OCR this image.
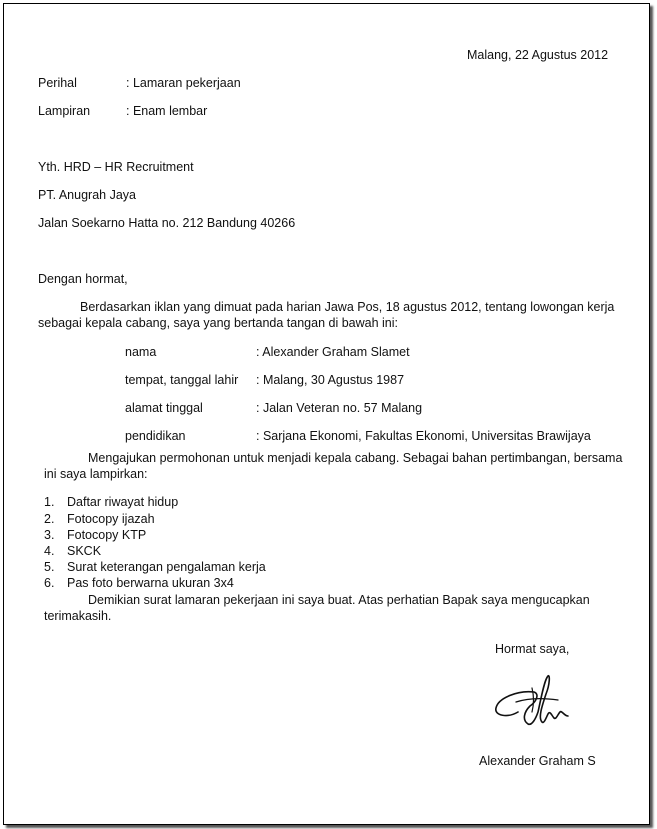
Malang, 22 Agustus 2012
Perihal	: Lamaran pekerjaan
Lampiran	: Enam lembar
Yth. HRD – HR Recruitment
PT. Anugrah Jaya
Jalan Soekarno Hatta no. 212 Bandung 40266
Dengan hormat,
Berdasarkan iklan yang dimuat pada harian Jawa Pos, 18 agustus 2012, tentang lowongan kerja
sebagai kepala cabang, saya yang bertanda tangan di bawah ini:
nama	: Alexander Graham Slamet
tempat, tanggal lahir : Malang, 30 Agustus 1987
alamat tinggal	: Jalan Veteran no. 57 Malang
pendidikan	: Sarjana Ekonomi, Fakultas Ekonomi, Universitas Brawijaya
Mengajukan permohonan untuk menjadi kepala cabang. Sebagai bahan pertimbangan, bersama
ini saya lampirkan:
1. Daftar riwayat hidup
2. Fotocopy ijazah
3. Fotocopy KTP
4. SKCK
5. Surat keterangan pengalaman kerja
6. Pas foto berwarna ukuran 3x4
Demikian surat lamaran pekerjaan ini saya buat. Atas perhatian Bapak saya mengucapkan
terimakasih.
Hormat saya,
Alexander Graham S
